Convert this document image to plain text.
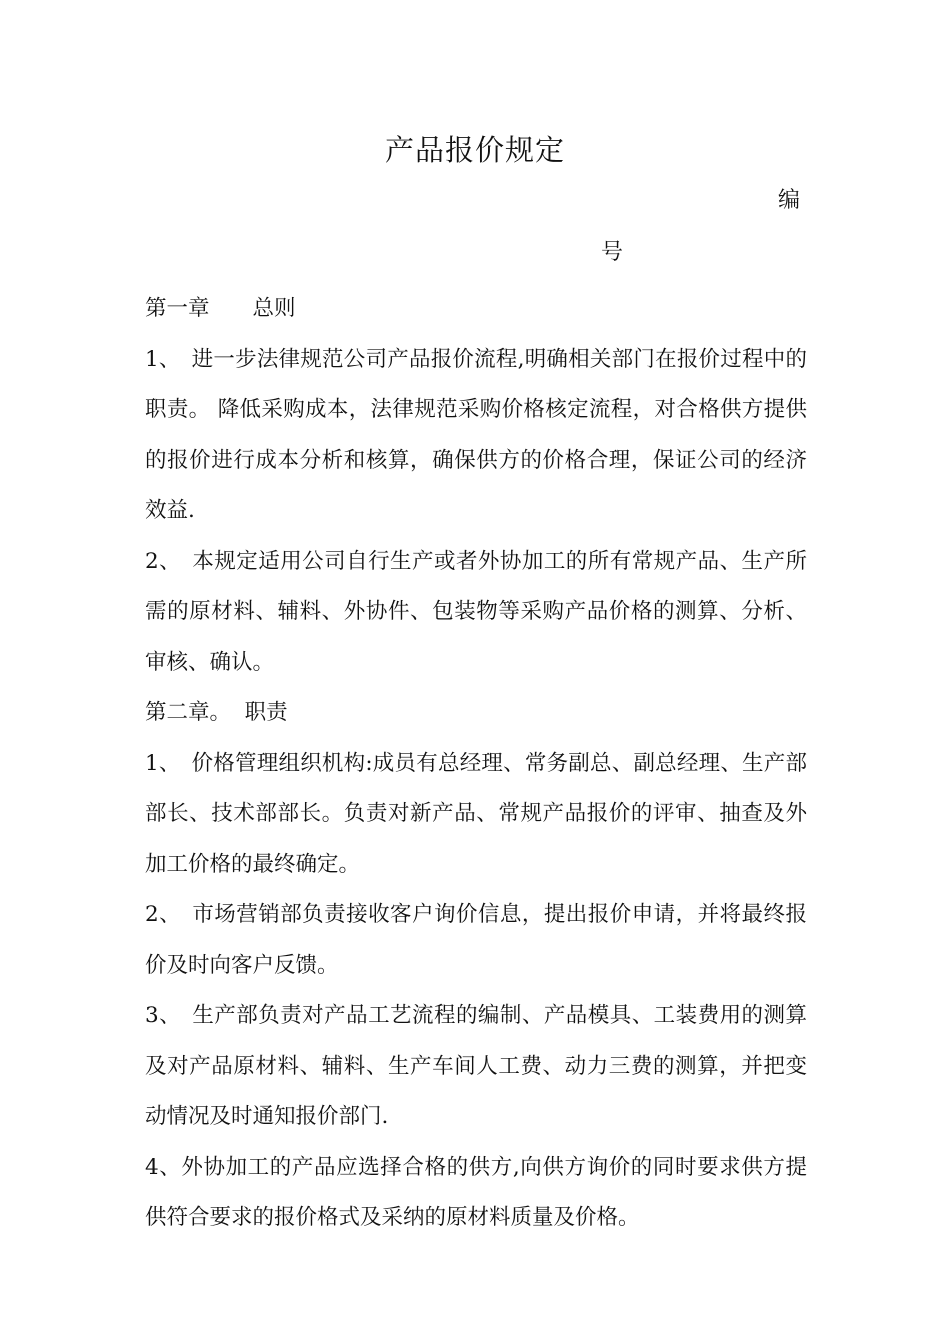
产品报价规定
编
号

第一章　　总则

1、　进一步法律规范公司产品报价流程,明确相关部门在报价过程中的职责。 降低采购成本，法律规范采购价格核定流程，对合格供方提供的报价进行成本分析和核算，确保供方的价格合理，保证公司的经济效益.

2、　本规定适用公司自行生产或者外协加工的所有常规产品、生产所需的原材料、辅料、外协件、包装物等采购产品价格的测算、分析、审核、确认。

第二章。  职责

1、　价格管理组织机构:成员有总经理、常务副总、副总经理、生产部部长、技术部部长。负责对新产品、常规产品报价的评审、抽查及外加工价格的最终确定。

2、　市场营销部负责接收客户询价信息，提出报价申请，并将最终报价及时向客户反馈。

3、　生产部负责对产品工艺流程的编制、产品模具、工装费用的测算及对产品原材料、辅料、生产车间人工费、动力三费的测算，并把变动情况及时通知报价部门.

4、外协加工的产品应选择合格的供方,向供方询价的同时要求供方提供符合要求的报价格式及采纳的原材料质量及价格。
